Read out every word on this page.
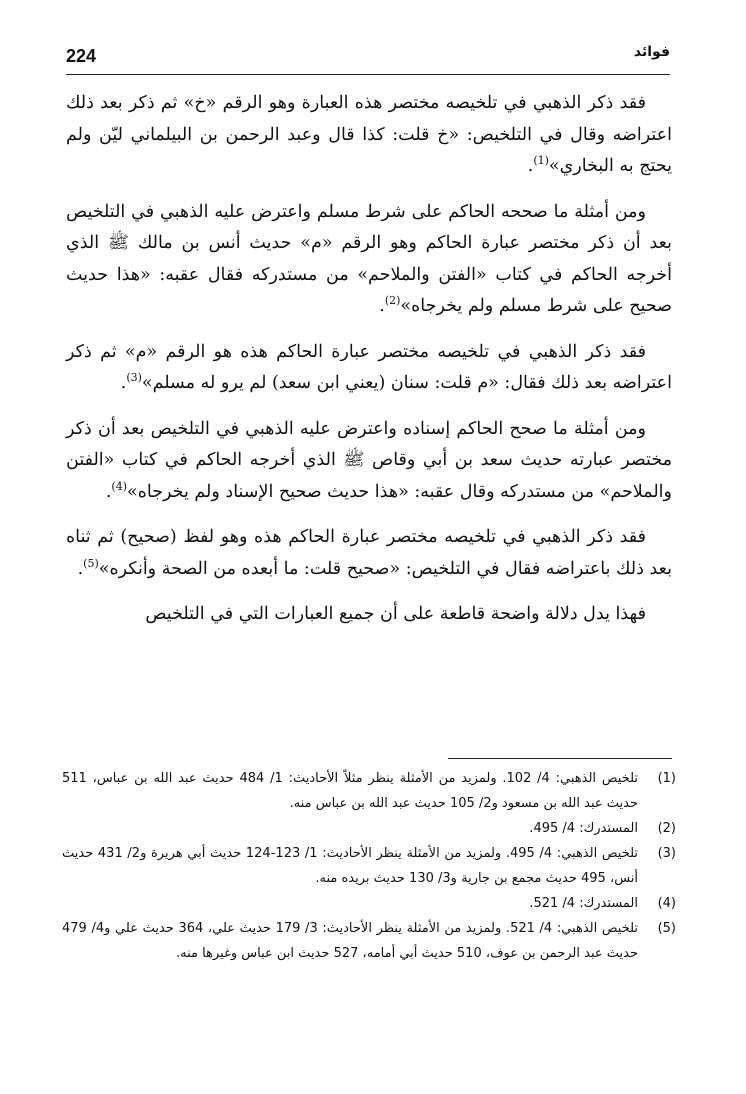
224	فوائد

فقد ذكر الذهبي في تلخيصه مختصر هذه العبارة وهو الرقم «خ» ثم ذكر بعد ذلك اعتراضه وقال في التلخيص: «خ قلت: كذا قال وعبد الرحمن بن البيلماني ليّن ولم يحتج به البخاري»$^{(1)}$.

ومن أمثلة ما صححه الحاكم على شرط مسلم واعترض عليه الذهبي في التلخيص بعد أن ذكر مختصر عبارة الحاكم وهو الرقم «م» حديث أنس بن مالك ﷺ الذي أخرجه الحاكم في كتاب «الفتن والملاحم» من مستدركه فقال عقبه: «هذا حديث صحيح على شرط مسلم ولم يخرجاه»$^{(2)}$.

فقد ذكر الذهبي في تلخيصه مختصر عبارة الحاكم هذه هو الرقم «م» ثم ذكر اعتراضه بعد ذلك فقال: «م قلت: سنان (يعني ابن سعد) لم يرو له مسلم»$^{(3)}$.

ومن أمثلة ما صحح الحاكم إسناده واعترض عليه الذهبي في التلخيص بعد أن ذكر مختصر عبارته حديث سعد بن أبي وقاص ﷺ الذي أخرجه الحاكم في كتاب «الفتن والملاحم» من مستدركه وقال عقبه: «هذا حديث صحيح الإسناد ولم يخرجاه»$^{(4)}$.

فقد ذكر الذهبي في تلخيصه مختصر عبارة الحاكم هذه وهو لفظ (صحيح) ثم ثناه بعد ذلك باعتراضه فقال في التلخيص: «صحيح قلت: ما أبعده من الصحة وأنكره»$^{(5)}$.

فهذا يدل دلالة واضحة قاطعة على أن جميع العبارات التي في التلخيص

(1)
تلخيص الذهبي: 4/ 102. ولمزيد من الأمثلة ينظر مثلاً الأحاديث: 1/ 484 حديث عبد الله بن عباس، 511 حديث عبد الله بن مسعود و2/ 105 حديث عبد الله بن عباس منه.
(2)
المستدرك: 4/ 495.
(3)
تلخيص الذهبي: 4/ 495. ولمزيد من الأمثلة ينظر الأحاديث: 1/ 123-124 حديث أبي هريرة و2/ 431 حديث أنس، 495 حديث مجمع بن جارية و3/ 130 حديث بريده منه.
(4)
المستدرك: 4/ 521.
(5)
تلخيص الذهبي: 4/ 521. ولمزيد من الأمثلة ينظر الأحاديث: 3/ 179 حديث علي، 364 حديث علي و4/ 479 حديث عبد الرحمن بن عوف، 510 حديث أبي أمامه، 527 حديث ابن عباس وغيرها منه.
